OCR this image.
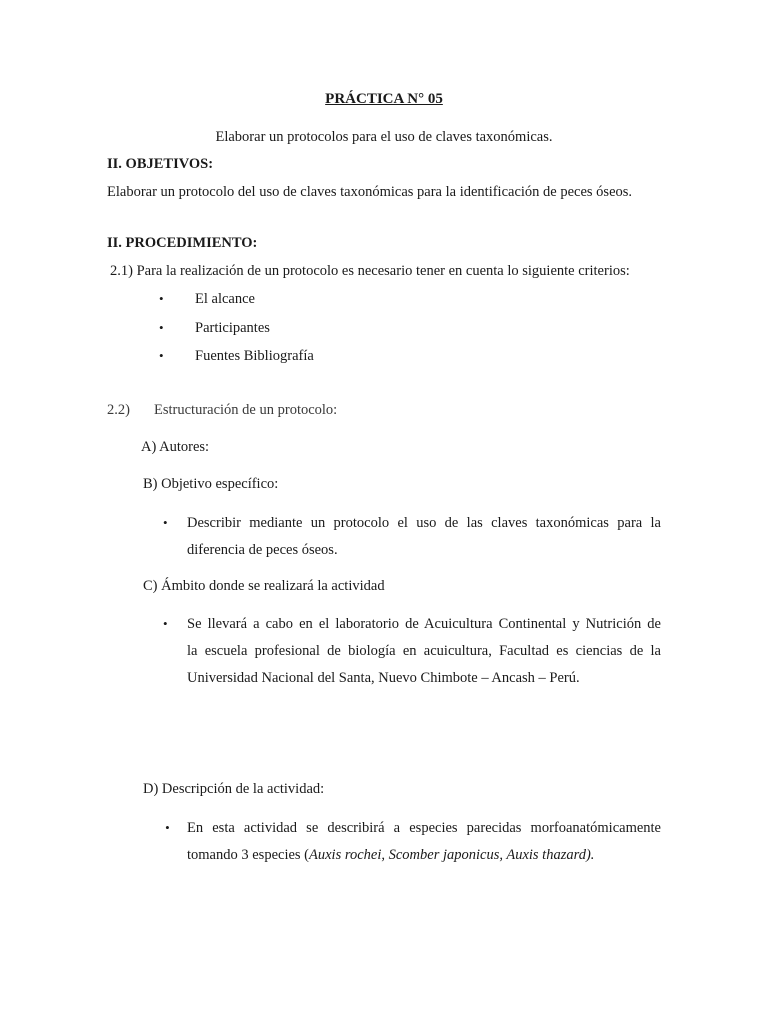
PRÁCTICA N° 05
Elaborar un protocolos para el uso de claves taxonómicas.
II. OBJETIVOS:
Elaborar un protocolo del uso de claves taxonómicas para la identificación de peces óseos.
II. PROCEDIMIENTO:
2.1) Para la realización de un protocolo es necesario tener en cuenta lo siguiente criterios:
• El alcance
• Participantes
• Fuentes Bibliografía
2.2) Estructuración de un protocolo:
A) Autores:
B) Objetivo específico:
• Describir mediante un protocolo el uso de las claves taxonómicas para la
diferencia de peces óseos.
C) Ámbito donde se realizará la actividad
• Se llevará a cabo en el laboratorio de Acuicultura Continental y Nutrición de
la escuela profesional de biología en acuicultura, Facultad es ciencias de la
Universidad Nacional del Santa, Nuevo Chimbote – Ancash – Perú.
D) Descripción de la actividad:
• En esta actividad se describirá a especies parecidas morfoanatómicamente
tomando 3 especies (Auxis rochei, Scomber japonicus, Auxis thazard).
